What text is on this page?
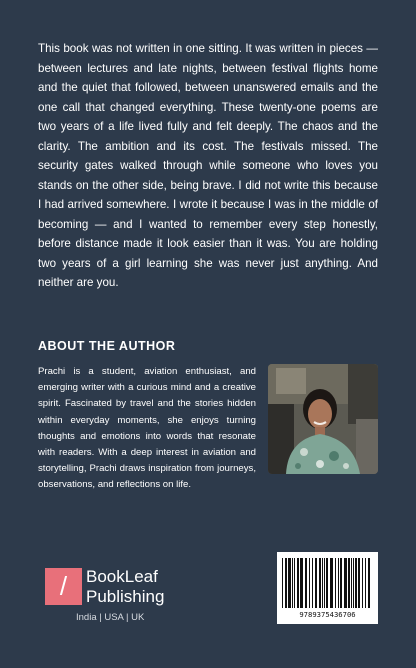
This book was not written in one sitting. It was written in pieces — between lectures and late nights, between festival flights home and the quiet that followed, between unanswered emails and the one call that changed everything. These twenty-one poems are two years of a life lived fully and felt deeply. The chaos and the clarity. The ambition and its cost. The festivals missed. The security gates walked through while someone who loves you stands on the other side, being brave. I did not write this because I had arrived somewhere. I wrote it because I was in the middle of becoming — and I wanted to remember every step honestly, before distance made it look easier than it was. You are holding two years of a girl learning she was never just anything. And neither are you.

ABOUT THE AUTHOR

Prachi is a student, aviation enthusiast, and emerging writer with a curious mind and a creative spirit. Fascinated by travel and the stories hidden within everyday moments, she enjoys turning thoughts and emotions into words that resonate with readers. With a deep interest in aviation and storytelling, Prachi draws inspiration from journeys, observations, and reflections on life.

/	BookLeaf
Publishing
India | USA | UK	9789375436706
